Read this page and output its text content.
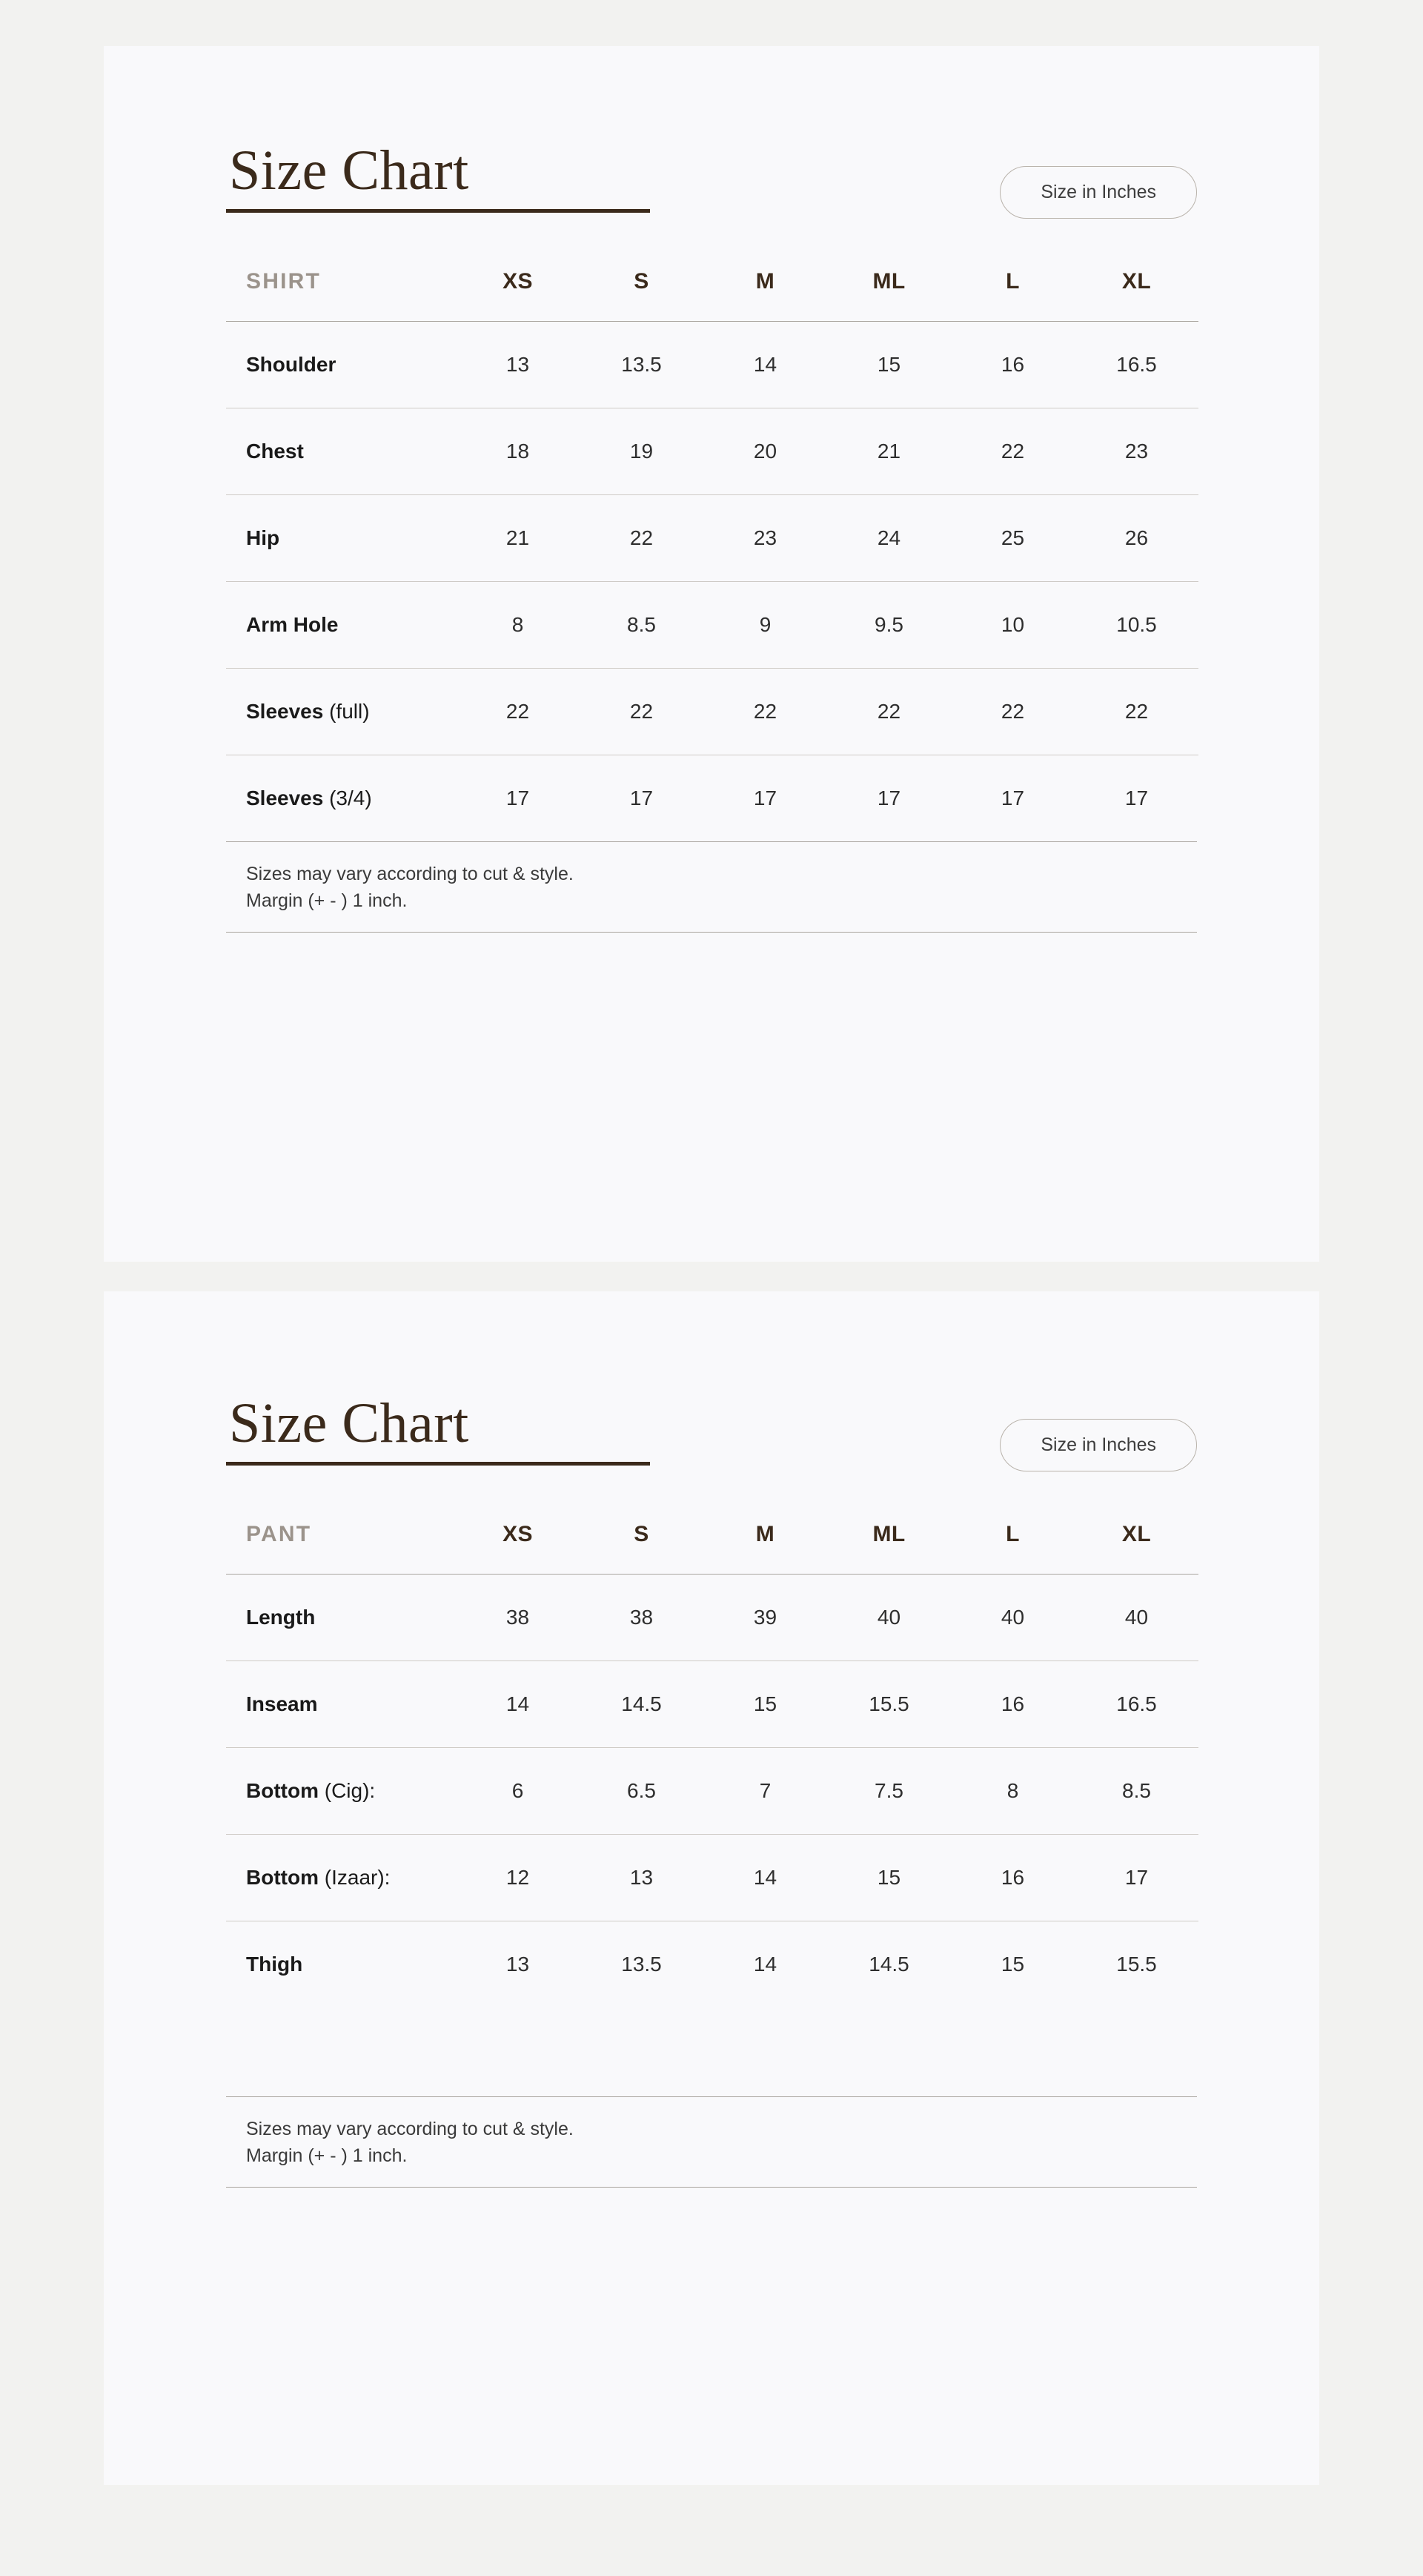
Size Chart	Size in Inches
SHIRT	XS	S	M	ML	L	XL
Shoulder	13	13.5	14	15	16	16.5
Chest	18	19	20	21	22	23
Hip	21	22	23	24	25	26
Arm Hole	8	8.5	9	9.5	10	10.5
Sleeves (full)	22	22	22	22	22	22
Sleeves (3/4)	17	17	17	17	17	17
Sizes may vary according to cut & style.
Margin (+ - ) 1 inch.
Size Chart	Size in Inches
PANT	XS	S	M	ML	L	XL
Length	38	38	39	40	40	40
Inseam	14	14.5	15	15.5	16	16.5
Bottom (Cig):	6	6.5	7	7.5	8	8.5
Bottom (Izaar):	12	13	14	15	16	17
Thigh	13	13.5	14	14.5	15	15.5
Sizes may vary according to cut & style.
Margin (+ - ) 1 inch.
